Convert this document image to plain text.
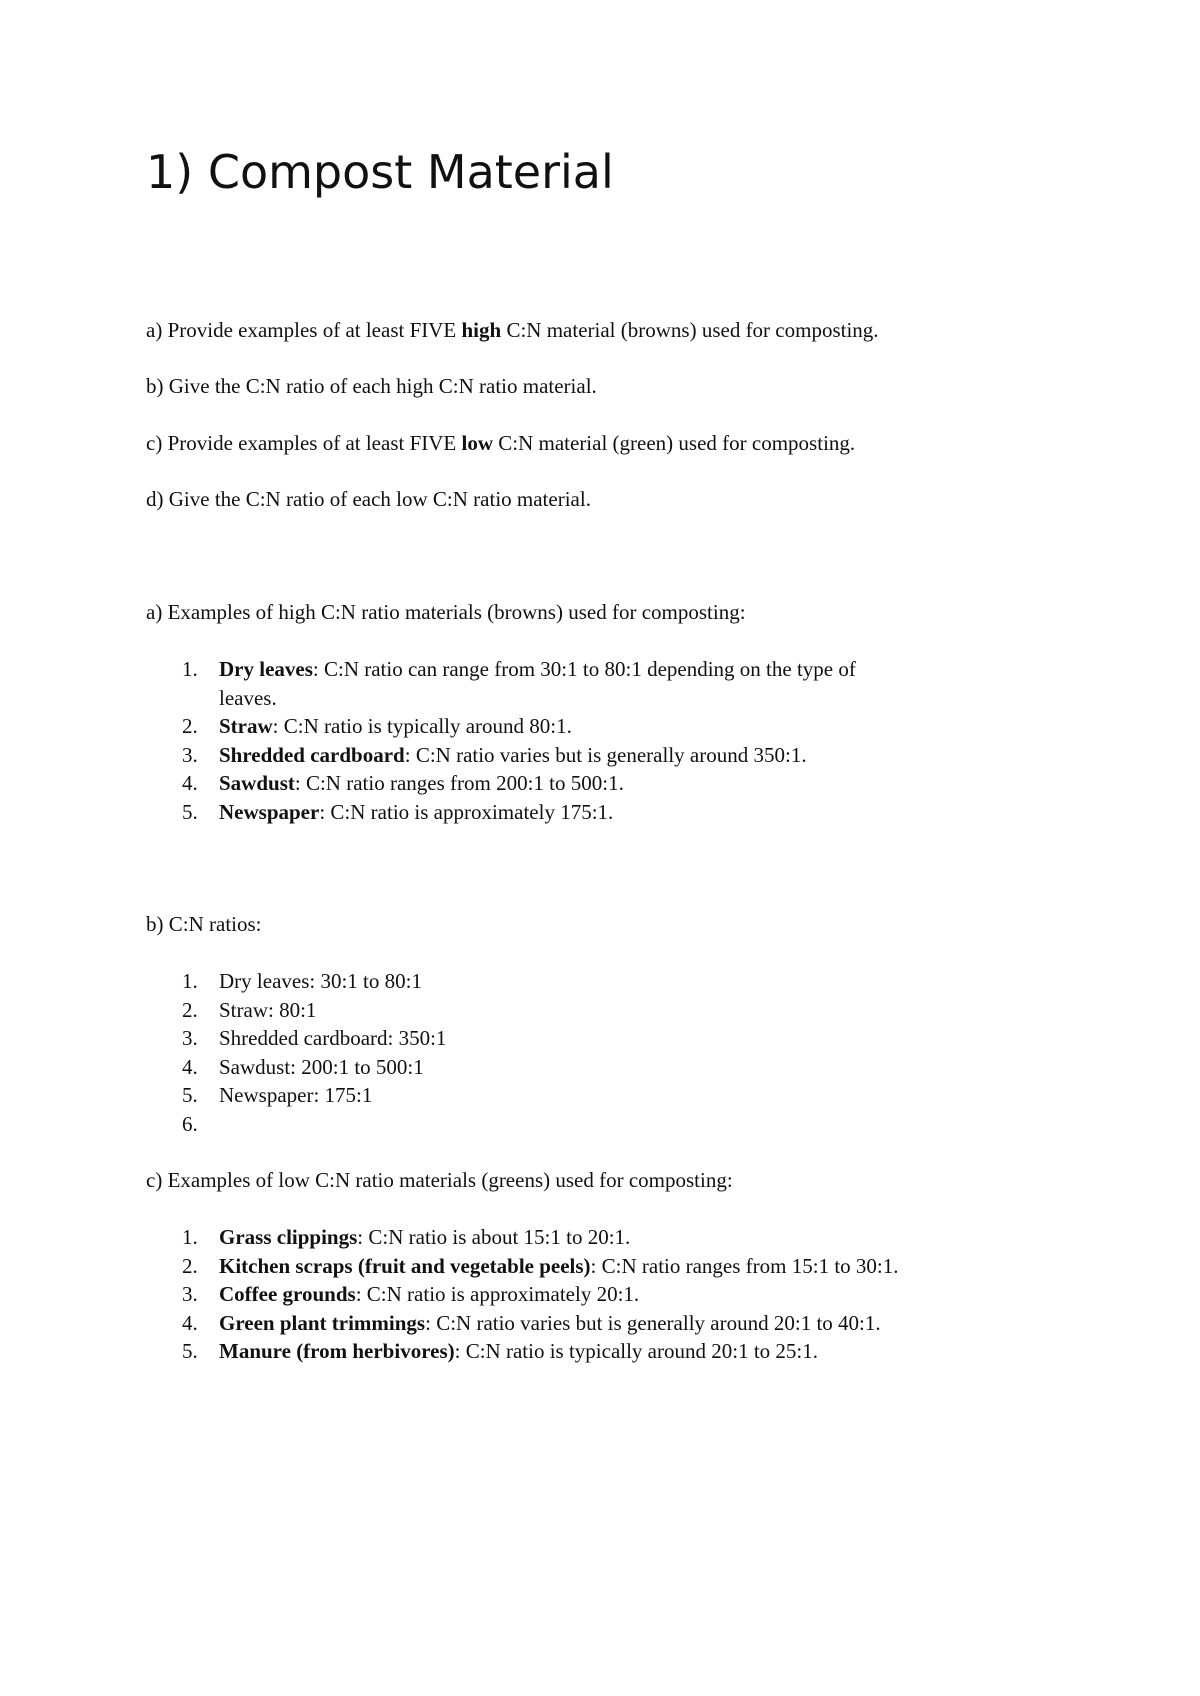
1) Compost Material

a) Provide examples of at least FIVE high C:N material (browns) used for composting.

b) Give the C:N ratio of each high C:N ratio material.

c) Provide examples of at least FIVE low C:N material (green) used for composting.

d) Give the C:N ratio of each low C:N ratio material.

a) Examples of high C:N ratio materials (browns) used for composting:

1. Dry leaves: C:N ratio can range from 30:1 to 80:1 depending on the type of
leaves.
2. Straw: C:N ratio is typically around 80:1.
3. Shredded cardboard: C:N ratio varies but is generally around 350:1.
4. Sawdust: C:N ratio ranges from 200:1 to 500:1.
5. Newspaper: C:N ratio is approximately 175:1.

b) C:N ratios:

1. Dry leaves: 30:1 to 80:1
2. Straw: 80:1
3. Shredded cardboard: 350:1
4. Sawdust: 200:1 to 500:1
5. Newspaper: 175:1
6.

c) Examples of low C:N ratio materials (greens) used for composting:

1. Grass clippings: C:N ratio is about 15:1 to 20:1.
2. Kitchen scraps (fruit and vegetable peels): C:N ratio ranges from 15:1 to 30:1.
3. Coffee grounds: C:N ratio is approximately 20:1.
4. Green plant trimmings: C:N ratio varies but is generally around 20:1 to 40:1.
5. Manure (from herbivores): C:N ratio is typically around 20:1 to 25:1.
